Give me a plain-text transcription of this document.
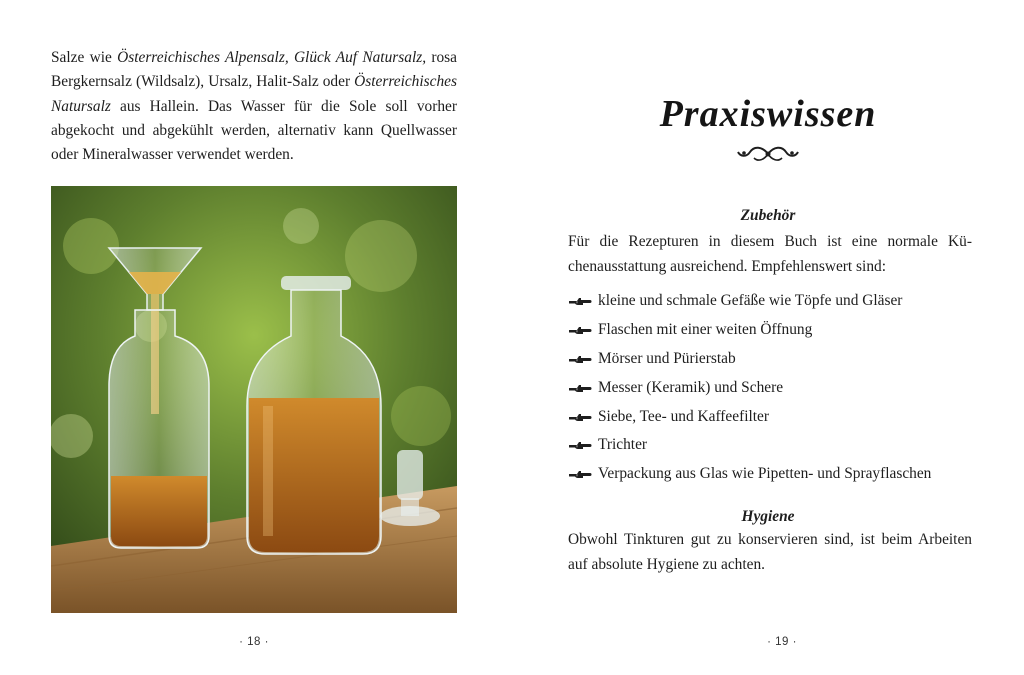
Salze wie Österreichisches Alpensalz, Glück Auf Natursalz, rosa Bergkernsalz (Wildsalz), Ursalz, Halit-Salz oder Österreichisches Natursalz aus Hallein. Das Wasser für die Sole soll vorher abgekocht und abgekühlt werden, alternativ kann Quellwasser oder Mineralwasser verwendet werden.

· 18 ·
Praxiswissen
Zubehör

Für die Rezepturen in diesem Buch ist eine normale Küchenausstattung ausreichend. Empfehlenswert sind:

kleine und schmale Gefäße wie Töpfe und Gläser
Flaschen mit einer weiten Öffnung
Mörser und Pürierstab
Messer (Keramik) und Schere
Siebe, Tee- und Kaffeefilter
Trichter
Verpackung aus Glas wie Pipetten- und Sprayflaschen
Hygiene

Obwohl Tinkturen gut zu konservieren sind, ist beim Arbeiten auf absolute Hygiene zu achten.

· 19 ·
